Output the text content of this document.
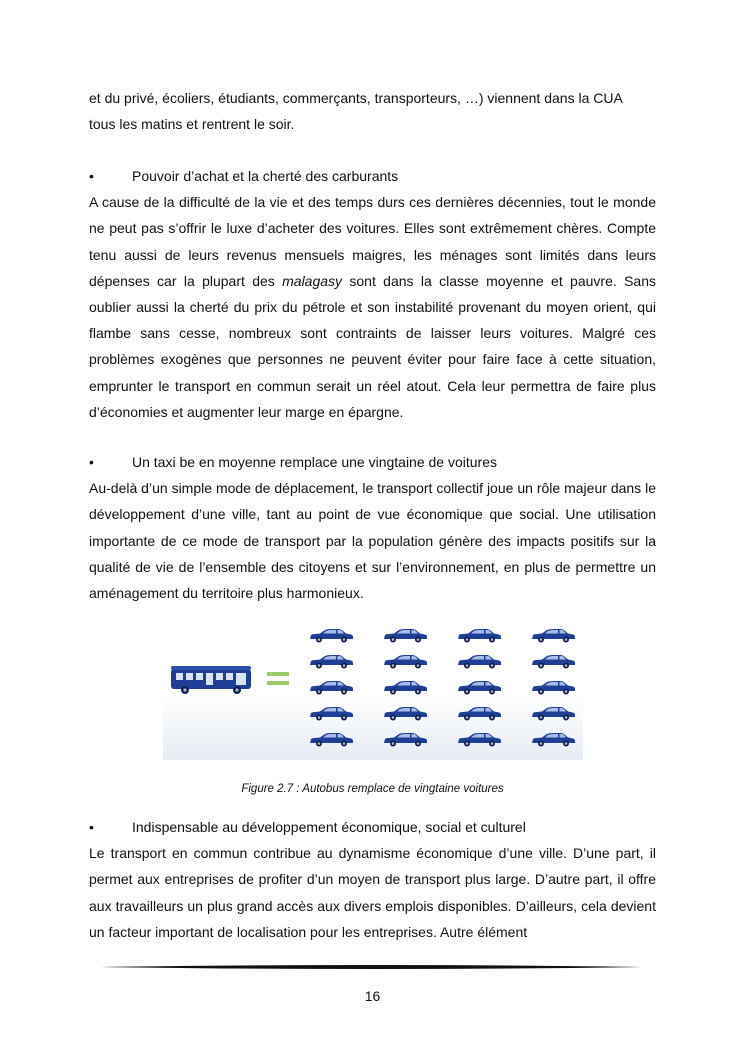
et du privé, écoliers, étudiants, commerçants, transporteurs, …) viennent dans la CUA

tous les matins et rentrent le soir.

•	Pouvoir d’achat et la cherté des carburants

A cause de la difficulté de la vie et des temps durs ces dernières décennies, tout le monde ne peut pas s’offrir le luxe d’acheter des voitures. Elles sont extrêmement chères. Compte tenu aussi de leurs revenus mensuels maigres, les ménages sont limités dans leurs dépenses car la plupart des malagasy sont dans la classe moyenne et pauvre. Sans oublier aussi la cherté du prix du pétrole et son instabilité provenant du moyen orient, qui flambe sans cesse, nombreux sont contraints de laisser leurs voitures. Malgré ces problèmes exogènes que personnes ne peuvent éviter pour faire face à cette situation, emprunter le transport en commun serait un réel atout. Cela leur permettra de faire plus d’économies et augmenter leur marge en épargne.

•	Un taxi be en moyenne remplace une vingtaine de voitures

Au-delà d’un simple mode de déplacement, le transport collectif joue un rôle majeur dans le développement d’une ville, tant au point de vue économique que social. Une utilisation importante de ce mode de transport par la population génère des impacts positifs sur la qualité de vie de l’ensemble des citoyens et sur l’environnement, en plus de permettre un aménagement du territoire plus harmonieux.

Figure 2.7 : Autobus remplace de vingtaine voitures
•	Indispensable au développement économique, social et culturel

Le transport en commun contribue au dynamisme économique d’une ville. D’une part, il permet aux entreprises de profiter d’un moyen de transport plus large. D’autre part, il offre aux travailleurs un plus grand accès aux divers emplois disponibles. D’ailleurs, cela devient un facteur important de localisation pour les entreprises. Autre élément

16
